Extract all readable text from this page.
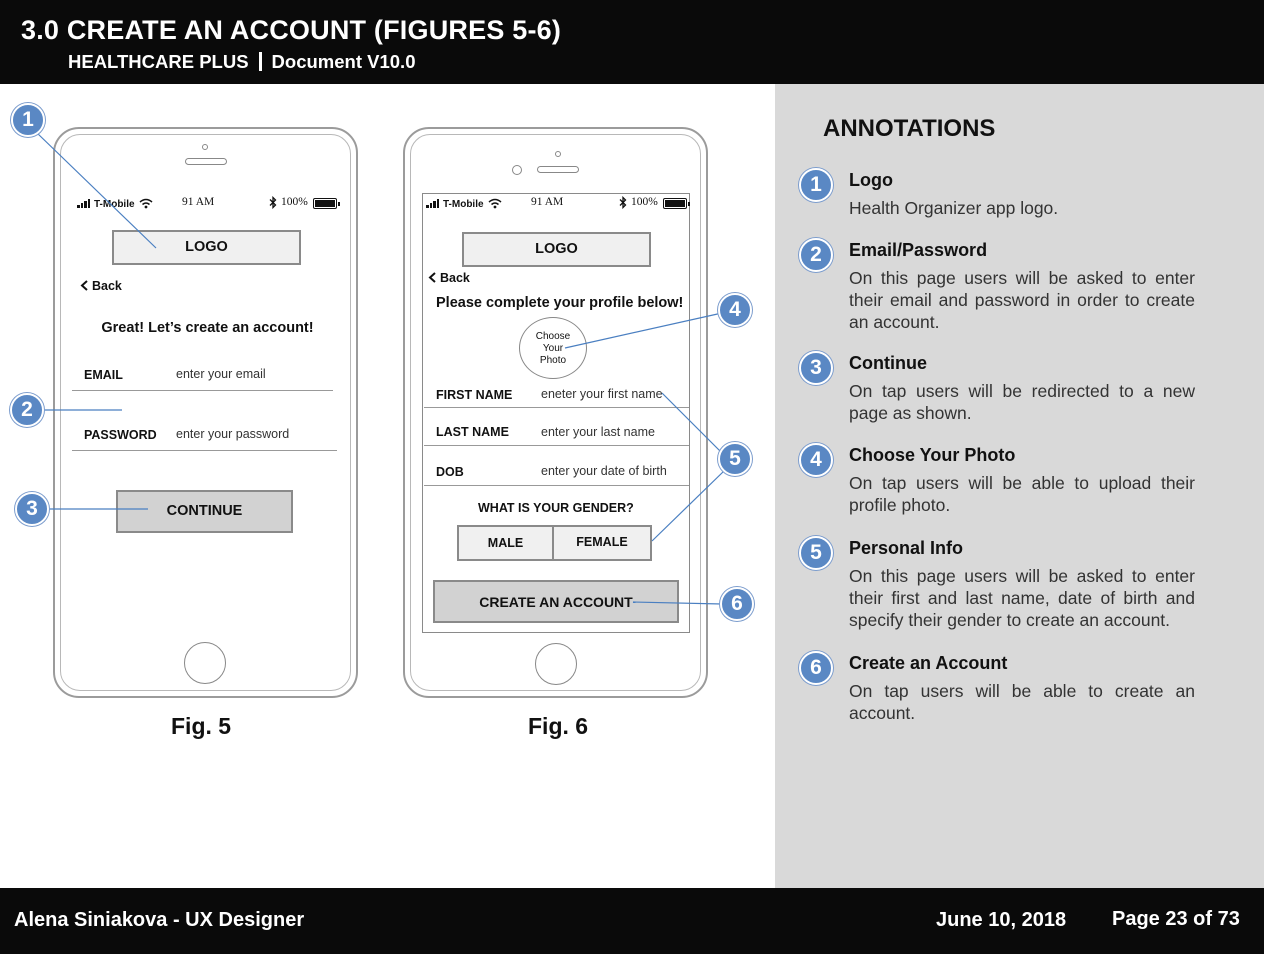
3.0 CREATE AN ACCOUNT (FIGURES 5-6)
HEALTHCARE PLUS Document V10.0
T-Mobile	91 AM	100%
LOGO
Back
Great! Let’s create an account!
EMAIL	enter your email
PASSWORD enter your password
CONTINUE
Fig. 5
T-Mobile	91 AM	100%
LOGO
Back
Please complete your profile below!
Choose
Your
Photo
FIRST NAME eneter your first name
LAST NAME	enter your last name
DOB	enter your date of birth
WHAT IS YOUR GENDER?
MALE	FEMALE
CREATE AN ACCOUNT
Fig. 6
1
2
3
4
5
6
ANNOTATIONS
1	Logo
Health Organizer app logo.
2	Email/Password
On this page users will be asked to enter their email and password in order to create an account.
3	Continue
On tap users will be redirected to a new page as shown.
4	Choose Your Photo
On tap users will be able to upload their profile photo.
5	Personal Info
On this page users will be asked to enter their first and last name, date of birth and specify their gender to create an account.
6	Create an Account
On tap users will be able to create an account.
Alena Siniakova - UX Designer	June 10, 2018 Page 23 of 73
